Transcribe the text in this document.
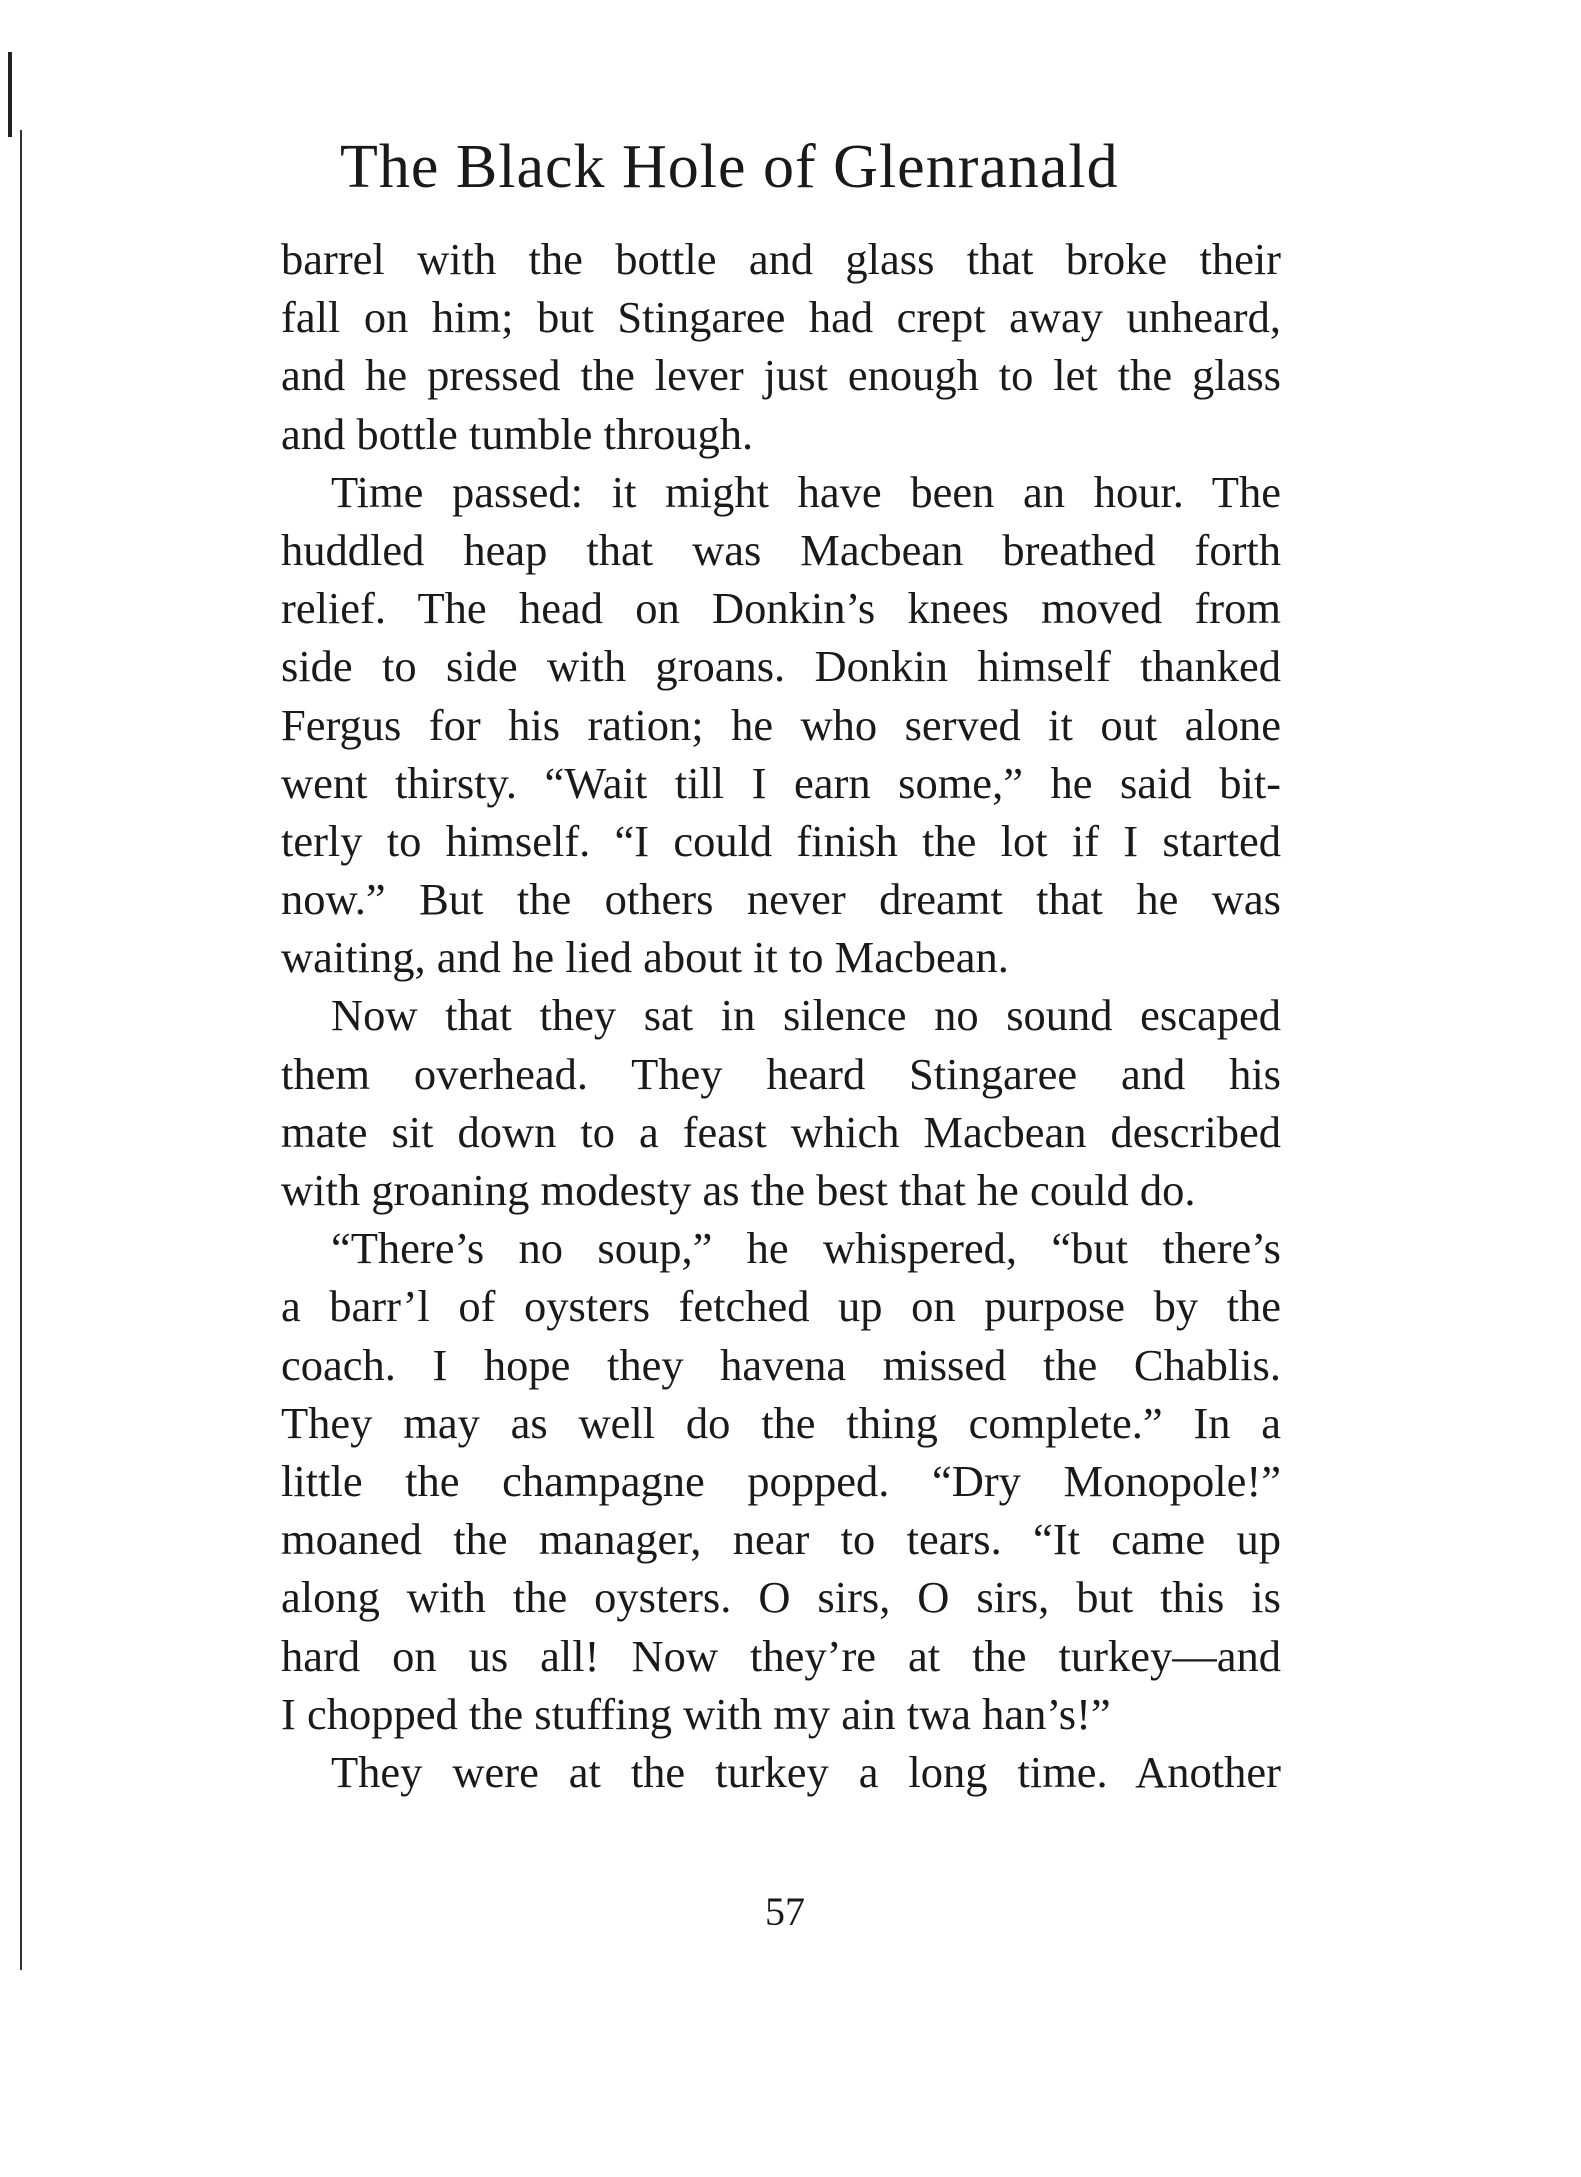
The Black Hole of Glenranald
barrel with the bottle and glass that broke their
fall on him; but Stingaree had crept away unheard,
and he pressed the lever just enough to let the glass
and bottle tumble through.
Time passed: it might have been an hour. The
huddled heap that was Macbean breathed forth
relief. The head on Donkin’s knees moved from
side to side with groans. Donkin himself thanked
Fergus for his ration; he who served it out alone
went thirsty. “Wait till I earn some,” he said bit-
terly to himself. “I could finish the lot if I started
now.” But the others never dreamt that he was
waiting, and he lied about it to Macbean.
Now that they sat in silence no sound escaped
them overhead. They heard Stingaree and his
mate sit down to a feast which Macbean described
with groaning modesty as the best that he could do.
“There’s no soup,” he whispered, “but there’s
a barr’l of oysters fetched up on purpose by the
coach. I hope they havena missed the Chablis.
They may as well do the thing complete.” In a
little the champagne popped. “Dry Monopole!”
moaned the manager, near to tears. “It came up
along with the oysters. O sirs, O sirs, but this is
hard on us all! Now they’re at the turkey—and
I chopped the stuffing with my ain twa han’s!”
They were at the turkey a long time. Another
57
